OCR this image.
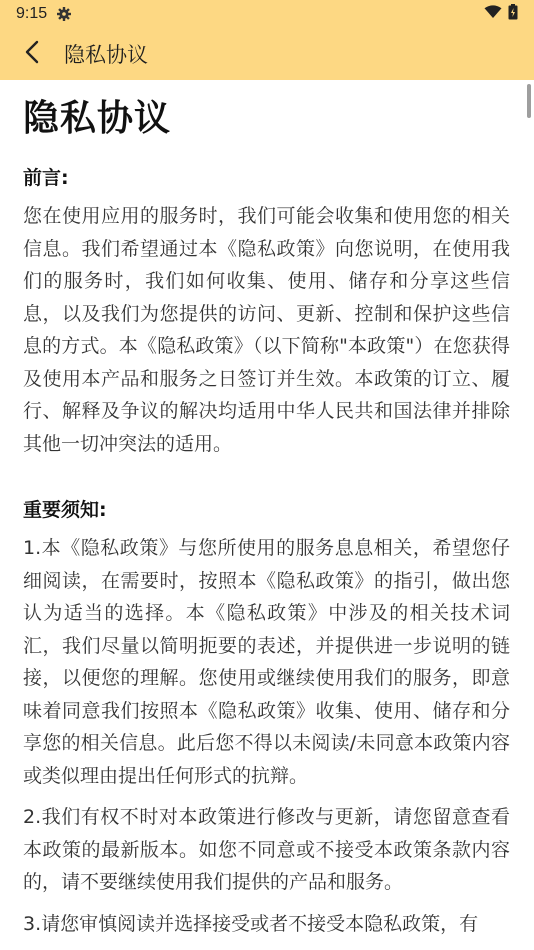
9:15
隐私协议
隐私协议
前言:
您在使用应用的服务时，我们可能会收集和使用您的相关信息。我们希望通过本《隐私政策》向您说明，在使用我们的服务时，我们如何收集、使用、储存和分享这些信息，以及我们为您提供的访问、更新、控制和保护这些信息的方式。本《隐私政策》（以下简称"本政策"）在您获得及使用本产品和服务之日签订并生效。本政策的订立、履行、解释及争议的解决均适用中华人民共和国法律并排除其他一切冲突法的适用。
重要须知:
1.本《隐私政策》与您所使用的服务息息相关，希望您仔细阅读，在需要时，按照本《隐私政策》的指引，做出您认为适当的选择。本《隐私政策》中涉及的相关技术词汇，我们尽量以简明扼要的表述，并提供进一步说明的链接，以便您的理解。您使用或继续使用我们的服务，即意味着同意我们按照本《隐私政策》收集、使用、储存和分享您的相关信息。此后您不得以未阅读/未同意本政策内容或类似理由提出任何形式的抗辩。
2.我们有权不时对本政策进行修改与更新，请您留意查看本政策的最新版本。如您不同意或不接受本政策条款内容的，请不要继续使用我们提供的产品和服务。
3.请您审慎阅读并选择接受或者不接受本隐私政策，有
